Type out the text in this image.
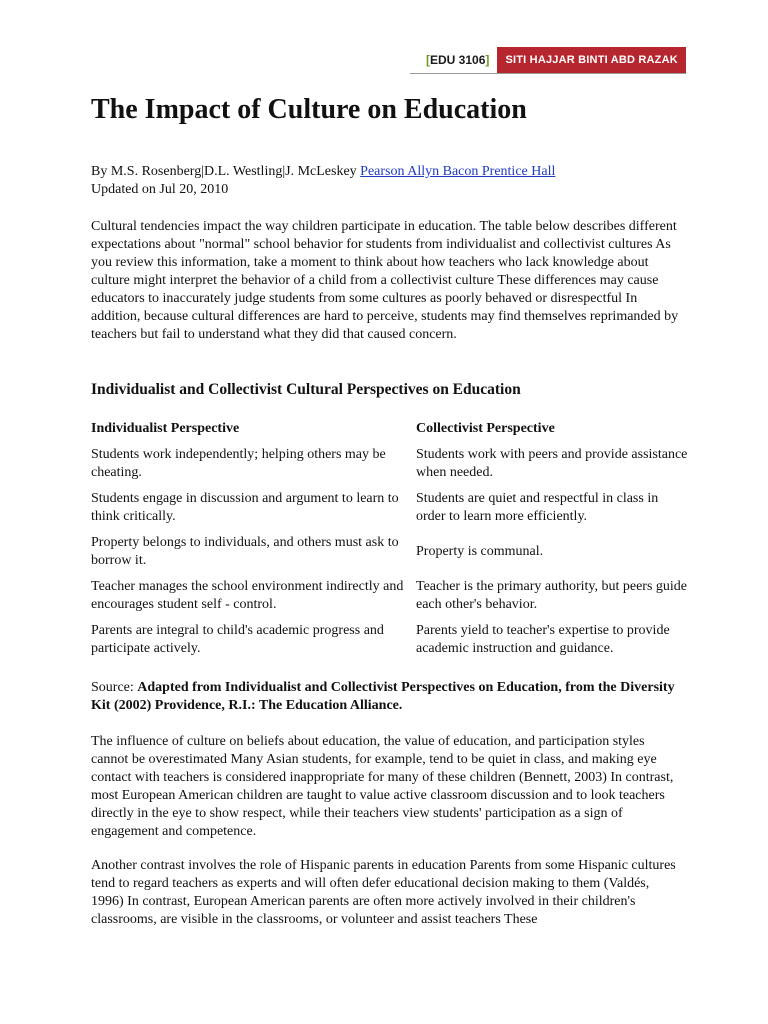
[ EDU 3106 ]	SITI HAJJAR BINTI ABD RAZAK
The Impact of Culture on Education
By M.S. Rosenberg|D.L. Westling|J. McLeskey Pearson Allyn Bacon Prentice Hall
Updated on Jul 20, 2010

Cultural tendencies impact the way children participate in education. The table below describes different expectations about "normal" school behavior for students from individualist and collectivist cultures As you review this information, take a moment to think about how teachers who lack knowledge about culture might interpret the behavior of a child from a collectivist culture These differences may cause educators to inaccurately judge students from some cultures as poorly behaved or disrespectful In addition, because cultural differences are hard to perceive, students may find themselves reprimanded by teachers but fail to understand what they did that caused concern.

Individualist and Collectivist Cultural Perspectives on Education
Individualist Perspective	Collectivist Perspective
Students work independently; helping others may be cheating.	Students work with peers and provide assistance when needed.
Students engage in discussion and argument to learn to think critically.	Students are quiet and respectful in class in order to learn more efficiently.
Property belongs to individuals, and others must ask to borrow it.	Property is communal.
Teacher manages the school environment indirectly and encourages student self - control.	Teacher is the primary authority, but peers guide each other's behavior.
Parents are integral to child's academic progress and participate actively.	Parents yield to teacher's expertise to provide academic instruction and guidance.
Source: Adapted from Individualist and Collectivist Perspectives on Education, from the Diversity Kit (2002) Providence, R.I.: The Education Alliance.

The influence of culture on beliefs about education, the value of education, and participation styles cannot be overestimated Many Asian students, for example, tend to be quiet in class, and making eye contact with teachers is considered inappropriate for many of these children (Bennett, 2003) In contrast, most European American children are taught to value active classroom discussion and to look teachers directly in the eye to show respect, while their teachers view students' participation as a sign of engagement and competence.

Another contrast involves the role of Hispanic parents in education Parents from some Hispanic cultures tend to regard teachers as experts and will often defer educational decision making to them (Valdés, 1996) In contrast, European American parents are often more actively involved in their children's classrooms, are visible in the classrooms, or volunteer and assist teachers These
